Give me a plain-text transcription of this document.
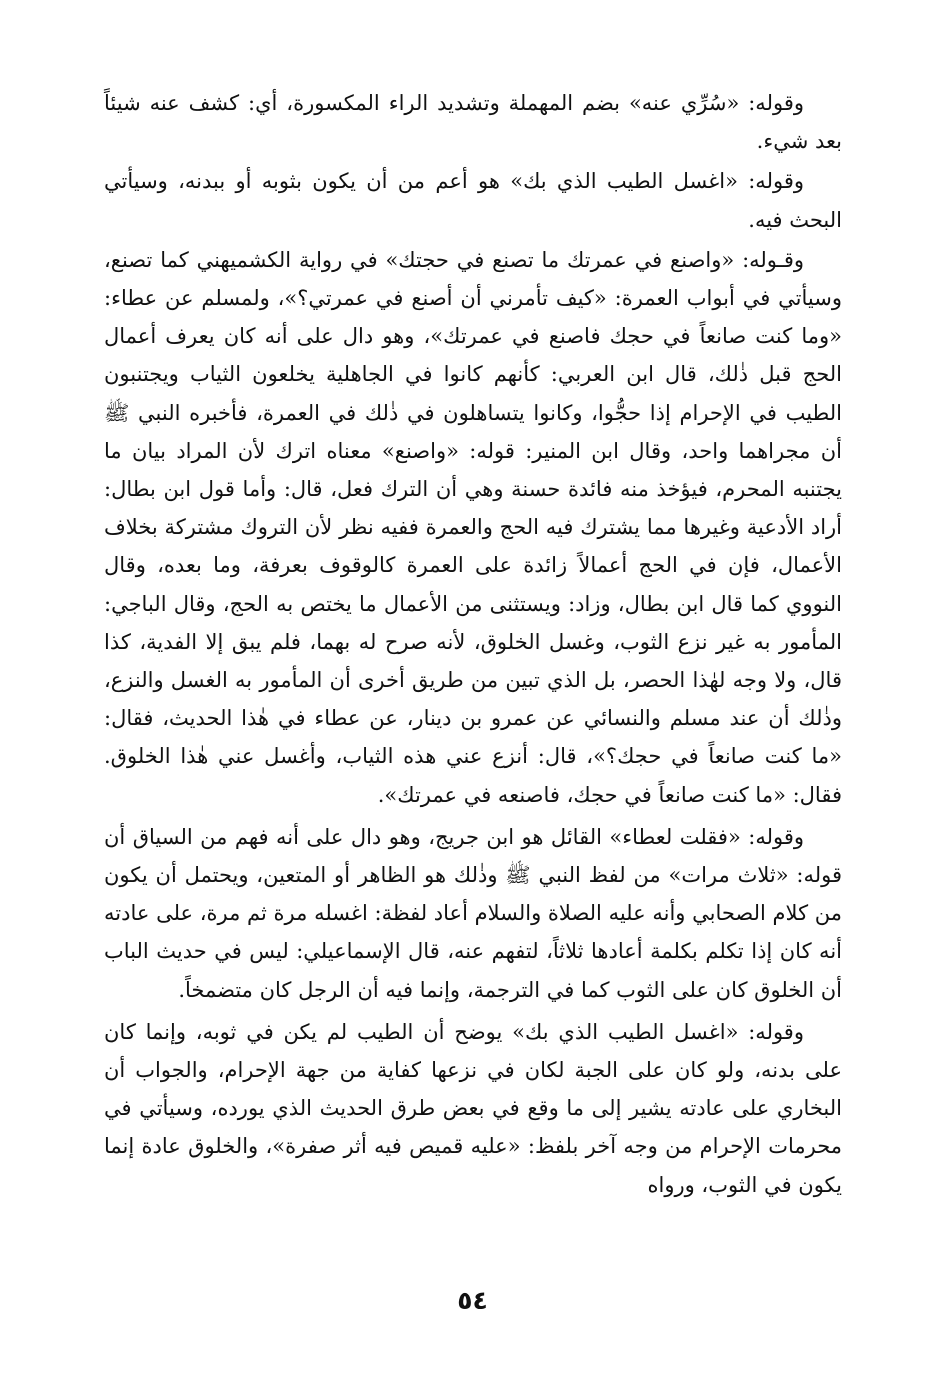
وقوله: «سُرِّي عنه» بضم المهملة وتشديد الراء المكسورة، أي: كشف عنه شيئاً بعد شيء.

وقوله: «اغسل الطيب الذي بك» هو أعم من أن يكون بثوبه أو ببدنه، وسيأتي البحث فيه.

وقـوله: «واصنع في عمرتك ما تصنع في حجتك» في رواية الكشميهني كما تصنع، وسيأتي في أبواب العمرة: «كيف تأمرني أن أصنع في عمرتي؟»، ولمسلم عن عطاء: «وما كنت صانعاً في حجك فاصنع في عمرتك»، وهو دال على أنه كان يعرف أعمال الحج قبل ذٰلك، قال ابن العربي: كأنهم كانوا في الجاهلية يخلعون الثياب ويجتنبون الطيب في الإحرام إذا حجُّوا، وكانوا يتساهلون في ذٰلك في العمرة، فأخبره النبي ﷺ أن مجراهما واحد، وقال ابن المنير: قوله: «واصنع» معناه اترك لأن المراد بيان ما يجتنبه المحرم، فيؤخذ منه فائدة حسنة وهي أن الترك فعل، قال: وأما قول ابن بطال: أراد الأدعية وغيرها مما يشترك فيه الحج والعمرة ففيه نظر لأن التروك مشتركة بخلاف الأعمال، فإن في الحج أعمالاً زائدة على العمرة كالوقوف بعرفة، وما بعده، وقال النووي كما قال ابن بطال، وزاد: ويستثنى من الأعمال ما يختص به الحج، وقال الباجي: المأمور به غير نزع الثوب، وغسل الخلوق، لأنه صرح له بهما، فلم يبق إلا الفدية، كذا قال، ولا وجه لهٰذا الحصر، بل الذي تبين من طريق أخرى أن المأمور به الغسل والنزع، وذٰلك أن عند مسلم والنسائي عن عمرو بن دينار، عن عطاء في هٰذا الحديث، فقال: «ما كنت صانعاً في حجك؟»، قال: أنزع عني هذه الثياب، وأغسل عني هٰذا الخلوق. فقال: «ما كنت صانعاً في حجك، فاصنعه في عمرتك».

وقوله: «فقلت لعطاء» القائل هو ابن جريج، وهو دال على أنه فهم من السياق أن قوله: «ثلاث مرات» من لفظ النبي ﷺ وذٰلك هو الظاهر أو المتعين، ويحتمل أن يكون من كلام الصحابي وأنه عليه الصلاة والسلام أعاد لفظة: اغسله مرة ثم مرة، على عادته أنه كان إذا تكلم بكلمة أعادها ثلاثاً، لتفهم عنه، قال الإسماعيلي: ليس في حديث الباب أن الخلوق كان على الثوب كما في الترجمة، وإنما فيه أن الرجل كان متضمخاً.

وقوله: «اغسل الطيب الذي بك» يوضح أن الطيب لم يكن في ثوبه، وإنما كان على بدنه، ولو كان على الجبة لكان في نزعها كفاية من جهة الإحرام، والجواب أن البخاري على عادته يشير إلى ما وقع في بعض طرق الحديث الذي يورده، وسيأتي في محرمات الإحرام من وجه آخر بلفظ: «عليه قميص فيه أثر صفرة»، والخلوق عادة إنما يكون في الثوب، ورواه

٥٤
